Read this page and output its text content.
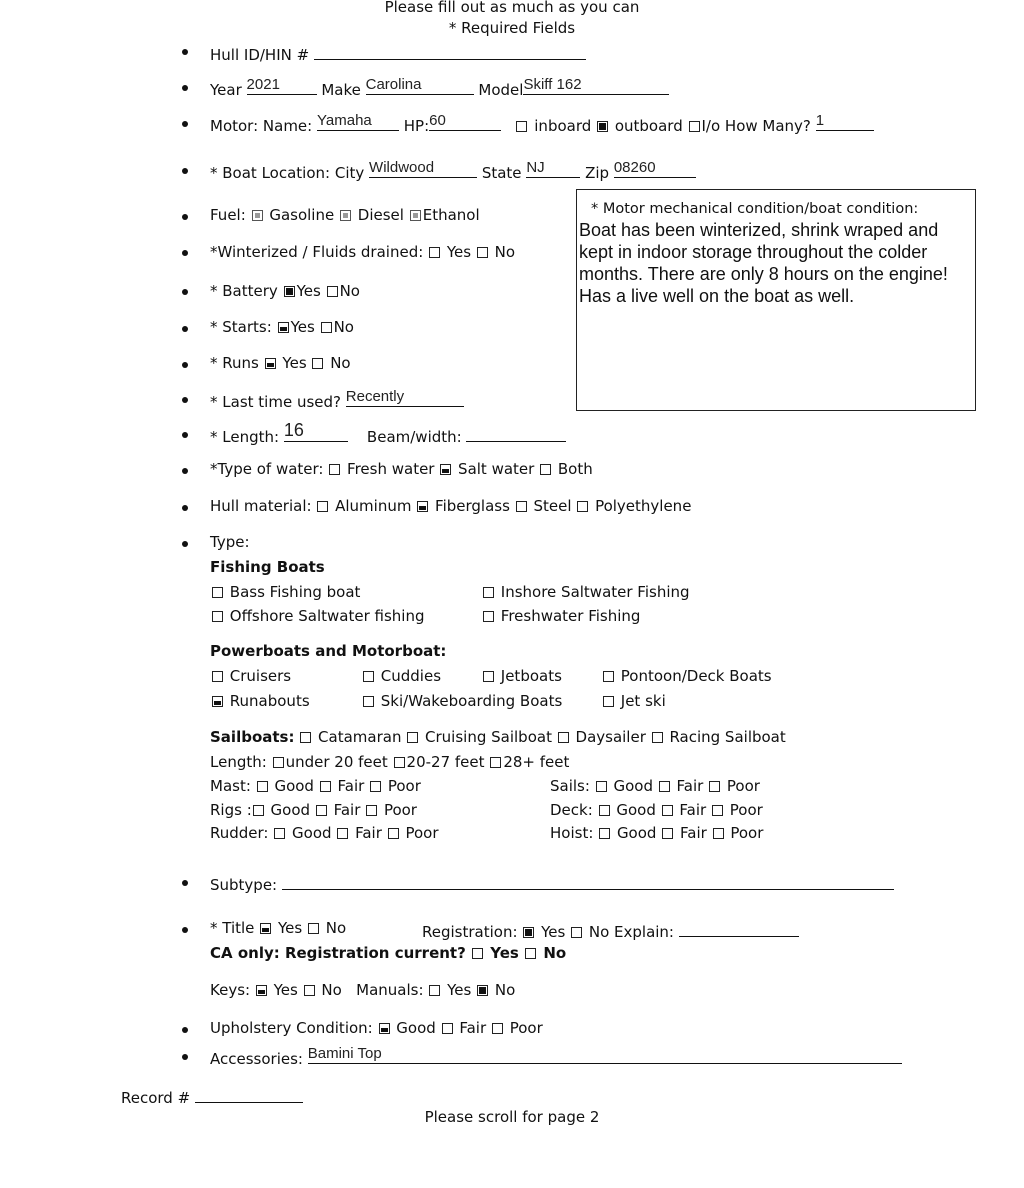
Please fill out as much as you can
* Required Fields
Hull ID/HIN #
Year 2021	Make Carolina	Model Skiff 162
Motor: Name: Yamaha HP: 60	inboard outboard I/o How Many? 1
* Boat Location: City Wildwood	State NJ	Zip 08260
Fuel: Gasoline Diesel Ethanol
*Winterized / Fluids drained: Yes No
* Battery Yes No
* Starts: Yes No
* Runs Yes No
* Last time used? Recently
* Length: 16	Beam/width:
*Type of water: Fresh water Salt water Both
Hull material: Aluminum Fiberglass Steel Polyethylene
Type:
Fishing Boats
Bass Fishing boat	Inshore Saltwater Fishing
Offshore Saltwater fishing	Freshwater Fishing
Powerboats and Motorboat:
Cruisers	Cuddies	Jetboats	Pontoon/Deck Boats
Runabouts	Ski/Wakeboarding Boats	Jet ski
Sailboats: Catamaran Cruising Sailboat Daysailer Racing Sailboat
Length: under 20 feet 20-27 feet 28+ feet
Mast: Good Fair Poor	Sails: Good Fair Poor
Rigs : Good Fair Poor	Deck: Good Fair Poor
Rudder: Good Fair Poor	Hoist: Good Fair Poor
Subtype:
* Title Yes No	Registration: Yes No Explain:
CA only: Registration current? Yes No
Keys: Yes No Manuals: Yes No
Upholstery Condition: Good Fair Poor
Accessories: Bamini Top
Record #
Please scroll for page 2
* Motor mechanical condition/boat condition:
Boat has been winterized, shrink wraped and kept in indoor storage throughout the colder months. There are only 8 hours on the engine! Has a live well on the boat as well.
